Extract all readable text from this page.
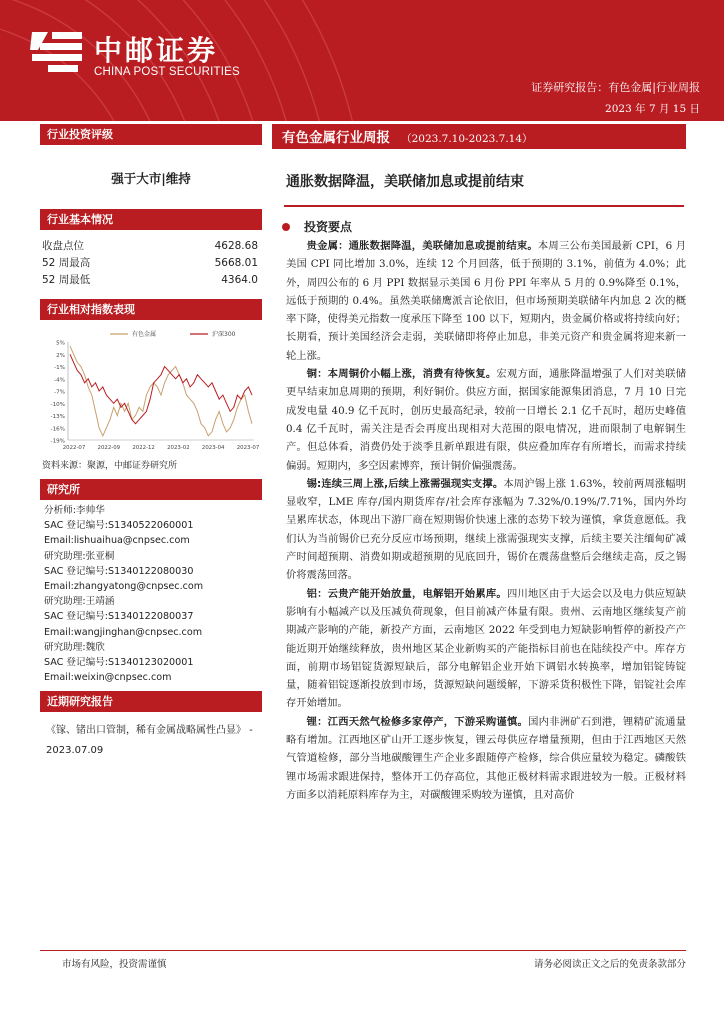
中邮证券
CHINA POST SECURITIES
证券研究报告：有色金属|行业周报
2023 年 7 月 15 日
行业投资评级
强于大市|维持
行业基本情况
收盘点位	4628.68
52 周最高	5668.01
52 周最低	4364.0
行业相对指数表现
5%
2%
-1%
-4%
-7%
-10%
-13%
-16%
-19%
2022-07 2022-09 2022-12 2023-02 2023-04 2023-07
有色金属	沪深300
资料来源：聚源，中邮证券研究所
研究所
分析师:李帅华
SAC 登记编号:S1340522060001
Email:lishuaihua@cnpsec.com
研究助理:张亚桐
SAC 登记编号:S1340122080030
Email:zhangyatong@cnpsec.com
研究助理:王靖涵
SAC 登记编号:S1340122080037
Email:wangjinghan@cnpsec.com
研究助理:魏欣
SAC 登记编号:S1340123020001
Email:weixin@cnpsec.com
近期研究报告
《镓、锗出口管制，稀有金属战略属性凸显》 - 2023.07.09
有色金属行业周报 （2023.7.10-2023.7.14）
通胀数据降温，美联储加息或提前结束
投资要点

贵金属：通胀数据降温，美联储加息或提前结束。本周三公布美国最新 CPI，6 月美国 CPI 同比增加 3.0%，连续 12 个月回落，低于预期的 3.1%，前值为 4.0%；此外，周四公布的 6 月 PPI 数据显示美国 6 月份 PPI 年率从 5 月的 0.9%降至 0.1%，远低于预期的 0.4%。虽然美联储鹰派言论依旧，但市场预期美联储年内加息 2 次的概率下降，使得美元指数一度承压下降至 100 以下，短期内，贵金属价格或将持续向好；长期看，预计美国经济会走弱，美联储即将停止加息，非美元资产和贵金属将迎来新一轮上涨。

铜：本周铜价小幅上涨，消费有待恢复。宏观方面，通胀降温增强了人们对美联储更早结束加息周期的预期，利好铜价。供应方面，据国家能源集团消息，7 月 10 日完成发电量 40.9 亿千瓦时，创历史最高纪录，较前一日增长 2.1 亿千瓦时，超历史峰值 0.4 亿千瓦时，需关注是否会再度出现相对大范围的限电情况，进而限制了电解铜生产。但总体看，消费仍处于淡季且新单跟进有限，供应叠加库存有所增长，而需求持续偏弱。短期内，多空因素博弈，预计铜价偏强震荡。

锡:连续三周上涨,后续上涨需强现实支撑。本周沪锡上涨 1.63%，较前两周涨幅明显收窄，LME 库存/国内期货库存/社会库存涨幅为 7.32%/0.19%/7.71%，国内外均呈累库状态，体现出下游厂商在短期锡价快速上涨的态势下较为谨慎，拿货意愿低。我们认为当前锡价已充分反应市场预期，继续上涨需强现实支撑，后续主要关注缅甸矿减产时间超预期、消费如期或超预期的见底回升，锡价在震荡盘整后会继续走高，反之锡价将震荡回落。

铝：云贵产能开始放量，电解铝开始累库。四川地区由于大运会以及电力供应短缺影响有小幅减产以及压减负荷现象，但目前减产体量有限。贵州、云南地区继续复产前期减产影响的产能，新投产方面，云南地区 2022 年受到电力短缺影响暂停的新投产产能近期开始继续释放，贵州地区某企业新购买的产能指标目前也在陆续投产中。库存方面，前期市场铝锭货源短缺后，部分电解铝企业开始下调铝水转换率，增加铝锭铸锭量，随着铝锭逐渐投放到市场，货源短缺问题缓解，下游采货积极性下降，铝锭社会库存开始增加。

锂：江西天然气检修多家停产，下游采购谨慎。国内非洲矿石到港，锂精矿流通量略有增加。江西地区矿山开工逐步恢复，锂云母供应存增量预期，但由于江西地区天然气管道检修，部分当地碳酸锂生产企业多跟随停产检修，综合供应量较为稳定。磷酸铁锂市场需求跟进保持，整体开工仍存高位，其他正极材料需求跟进较为一般。正极材料方面多以消耗原料库存为主，对碳酸锂采购较为谨慎，且对高价

市场有风险，投资需谨慎	请务必阅读正文之后的免责条款部分
